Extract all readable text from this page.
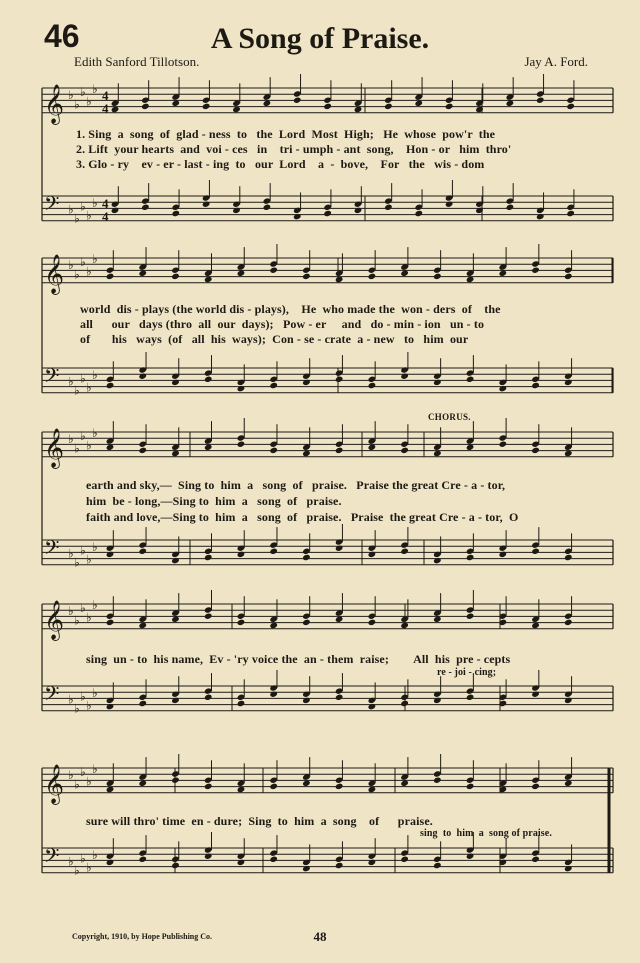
46	A Song of Praise.
Edith Sanford Tillotson.	Jay A. Ford.
𝄞 ♭
♭
♭
♭
♭ 4
4
𝄢 ♭
♭
♭
♭
♭ 4
4
𝄞 ♭
♭
♭
♭
♭
𝄢 ♭
♭
♭
♭
♭
𝄞 ♭
♭
♭
♭
♭
𝄢 ♭
♭
♭
♭
♭
𝄞 ♭
♭
♭
♭
♭
𝄢 ♭
♭
♭
♭
♭
𝄞 ♭
♭
♭
♭
♭
𝄢 ♭
♭
♭
♭
♭
1. Sing  a  song  of  glad - ness  to   the  Lord  Most  High;   He  whose  pow'r  the
2. Lift  your hearts  and  voi - ces   in    tri - umph - ant  song,    Hon - or   him  thro'
3. Glo - ry    ev - er - last - ing  to   our  Lord    a  -  bove,    For   the   wis - dom
world  dis - plays (the world dis - plays),    He  who made the  won - ders  of    the
all      our   days (thro  all  our  days);   Pow - er     and   do - min - ion   un - to
of       his   ways  (of   all  his  ways);  Con - se - crate  a - new   to   him  our
CHORUS.
earth and sky,—  Sing to  him  a   song  of   praise.   Praise the great Cre - a - tor,
him  be - long,—Sing to  him  a   song  of   praise.
faith and love,—Sing to  him  a   song  of   praise.   Praise  the great Cre - a - tor,  O
sing  un - to  his name,  Ev - 'ry voice the  an - them  raise;        All  his  pre - cepts
re - joi - cing;
sure will thro' time  en - dure;  Sing  to  him  a  song    of      praise.
sing  to  him  a  song of praise.
Copyright, 1910, by Hope Publishing Co.	48
